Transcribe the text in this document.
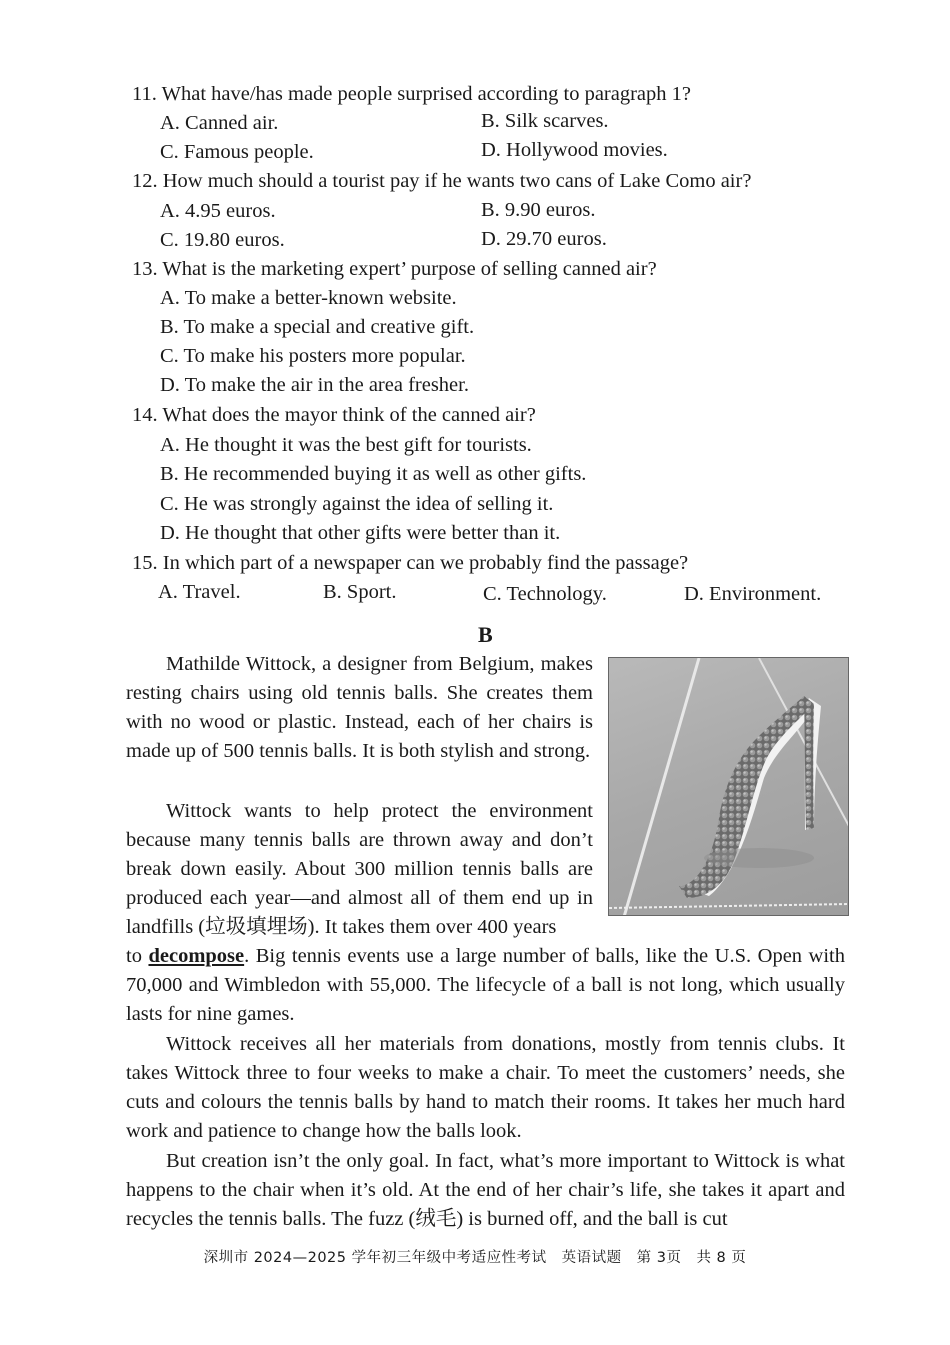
11. What have/has made people surprised according to paragraph 1?
A. Canned air.	B. Silk scarves.
C. Famous people.	D. Hollywood movies.
12. How much should a tourist pay if he wants two cans of Lake Como air?
A. 4.95 euros.	B. 9.90 euros.
C. 19.80 euros.	D. 29.70 euros.
13. What is the marketing expert’ purpose of selling canned air?
A. To make a better-known website.
B. To make a special and creative gift.
C. To make his posters more popular.
D. To make the air in the area fresher.
14. What does the mayor think of the canned air?
A. He thought it was the best gift for tourists.
B. He recommended buying it as well as other gifts.
C. He was strongly against the idea of selling it.
D. He thought that other gifts were better than it.
15. In which part of a newspaper can we probably find the passage?
A. Travel.	B. Sport.	C. Technology.	D. Environment.
B
Mathilde Wittock, a designer from Belgium, makes resting chairs using old tennis balls. She creates them with no wood or plastic. Instead, each of her chairs is made up of 500 tennis balls. It is both stylish and strong.
Wittock wants to help protect the environment because many tennis balls are thrown away and don’t break down easily. About 300 million tennis balls are produced each year—and almost all of them end up in landfills (垃圾填埋场). It takes them over 400 years
to decompose. Big tennis events use a large number of balls, like the U.S. Open with 70,000 and Wimbledon with 55,000. The lifecycle of a ball is not long, which usually lasts for nine games.
Wittock receives all her materials from donations, mostly from tennis clubs. It takes Wittock three to four weeks to make a chair. To meet the customers’ needs, she cuts and colours the tennis balls by hand to match their rooms. It takes her much hard work and patience to change how the balls look.
But creation isn’t the only goal. In fact, what’s more important to Wittock is what happens to the chair when it’s old. At the end of her chair’s life, she takes it apart and recycles the tennis balls. The fuzz (绒毛) is burned off, and the ball is cut
深圳市 2024—2025 学年初三年级中考适应性考试　英语试题　第 3页　共 8 页
